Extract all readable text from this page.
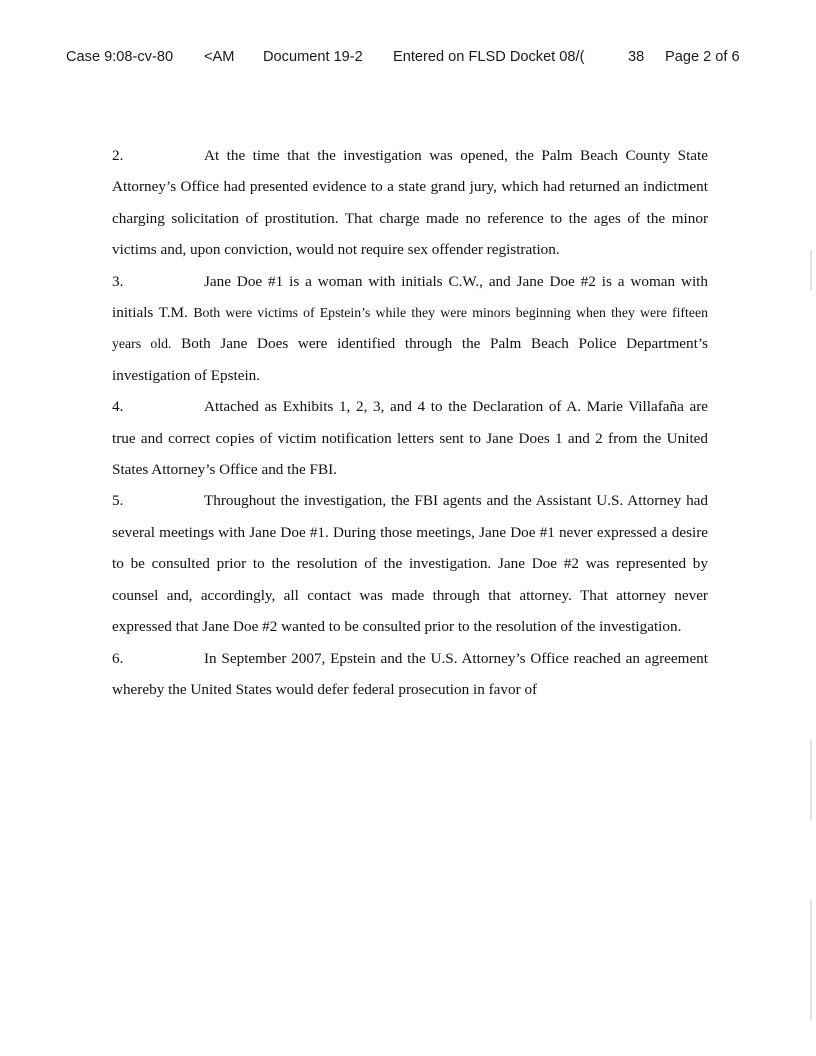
Case 9:08-cv-80 <AM Document 19-2 Entered on FLSD Docket 08/(	38 Page 2 of 6

2.	At the time that the investigation was opened, the Palm Beach County State Attorney’s Office had presented evidence to a state grand jury, which had returned an indictment charging solicitation of prostitution. That charge made no reference to the ages of the minor victims and, upon conviction, would not require sex offender registration.

3.	Jane Doe #1 is a woman with initials C.W., and Jane Doe #2 is a woman with initials T.M. Both were victims of Epstein’s while they were minors beginning when they were fifteen years old. Both Jane Does were identified through the Palm Beach Police Department’s investigation of Epstein.

4.	Attached as Exhibits 1, 2, 3, and 4 to the Declaration of A. Marie Villafaña are true and correct copies of victim notification letters sent to Jane Does 1 and 2 from the United States Attorney’s Office and the FBI.

5.	Throughout the investigation, the FBI agents and the Assistant U.S. Attorney had several meetings with Jane Doe #1. During those meetings, Jane Doe #1 never expressed a desire to be consulted prior to the resolution of the investigation. Jane Doe #2 was represented by counsel and, accordingly, all contact was made through that attorney. That attorney never expressed that Jane Doe #2 wanted to be consulted prior to the resolution of the investigation.

6.	In September 2007, Epstein and the U.S. Attorney’s Office reached an agreement whereby the United States would defer federal prosecution in favor of
